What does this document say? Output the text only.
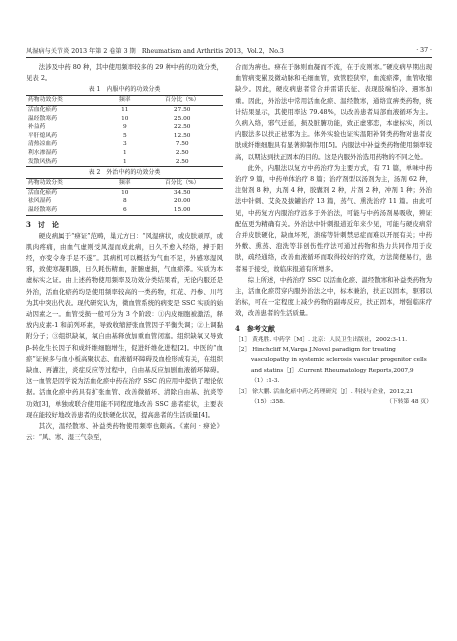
风湿病与关节炎 2013 年第 2 卷第 3 期　Rheumatism and Arthritis 2013，Vol.2，No.3	· 37 ·

法涉及中药 80 种，其中使用频率较多的 29 种中药的功效分类，见表 2。

表 1　内服中药的功效分类
药物功效分类	频率	百分比（%）
活血化瘀药	11	27.50
温经散寒药	10	25.00
补益药	9	22.50
平肝熄风药	5	12.50
清热凉血药	3	7.50
利水渗湿药	1	2.50
发散风热药	1	2.50
表 2　外治中药的功效分类
药物功效分类	频率	百分比（%）
活血化瘀药	10	34.50
祛风湿药	8	20.00
温经散寒药	6	15.00
3　讨　论

硬皮病属于“痹证”范畴，巢元方曰：“风湿痹状，或皮肤顽厚，或肌肉疼痛，由血气虚则受风湿而成此病，日久不愈入经络，搏于阳经，亦变令身手足不遂”。其病机可以概括为气血不足，外感寒湿风邪，致使寒凝肌腠，日久耗伤精血，脏腑虚损，气血瘀滞。实质为本虚标实之证。由上述药物使用频率及功效分类结果看，无论内服还是外治，活血化瘀药均是使用频率较高的一类药物，红花、丹参、川芎为其中突出代表。现代研究认为，微血管系统的病变是 SSC 实质的始动因素之一。血管受损一般可分为 3 个阶段：①内皮细胞被激活，释放内皮素-1 和前列环素，导致收缩舒张血管因子平衡失调；②上调黏附分子；③组织缺氧，氧自由基释放加重血管闭塞。组织缺氧又导致 β-转化生长因子和成纤维细胞增生，促进纤维化进程[2]。中医的“血瘀”证候多与血小板高聚状态、血液循环障碍及血栓形成有关，在组织缺血、再灌注，炎症反应等过程中，自由基反应加剧血液循环障碍。这一血管是因学说为活血化瘀中药在治疗 SSC 的应用中提供了理论依据。活血化瘀中药具有扩张血管、改善微循环、清除自由基、抗炎等功效[3]，单独或联合使用能不同程度地改善 SSC 患者症状，主要表现在能较好地改善患者的皮肤硬化状况，提高患者的生活质量[4]。

其次，温经散寒、补益类药物使用频率也颇高。《素问 · 痹论》云：“风、寒、湿三气杂至，

合而为痹也。痹在于脉则血凝而不流，在于皮则寒。”硬皮病早期出现血管病变累及微动脉和毛细血管，致管腔狭窄，血流瘀滞，血管收缩缺少。因此，硬皮病患者常合并雷诺氏征、表现肢端怕冷、遇寒加重。因此，外治法中常用活血化瘀、温经散寒，通络宣痹类药物，统计结果显示，其使用率达 79.48%，以改善患者局部血液循环为主。久病入络，邪气迁延，损及脏腑功能，致正虚邪恋，本虚标实，所以内服法多以扶正祛邪为主。体外实验也证实温阳补肾类药物对患者皮肤成纤维细胞具有显著抑制作用[5]。内服法中补益类药物使用频率较高，以期达到扶正固本的目的。这是内服外治选用药物的不同之处。

此外，内服法以复方中药治疗为主要方式，有 71 篇，单味中药治疗 9 篇，中药单体治疗 8 篇；治疗剂型以汤剂为主，汤剂 62 种，注射剂 8 种，丸剂 4 种，胶囊剂 2 种，片剂 2 种，冲剂 1 种；外治法中针刺、艾灸及拔罐治疗 13 篇，蒸气、熏洗治疗 11 篇。由此可见，中药复方内服治疗远多于外治法，可能与中药汤剂易吸收，辨证配伍更为精确有关。外治法中针刺报道近年来少见，可能与硬皮病常合并皮肤硬化，缺血坏死，溃疡等针刺禁忌症而难以开展有关；中药外敷、熏蒸、泡洗等非创伤性疗法可通过药物和热力共同作用于皮肤，疏经通络，改善血液循环而取得较好的疗效，方法简便易行，患者易于接受，故临床报道有所增多。

综上所述，中药治疗 SSC 以活血化瘀、温经散寒和补益类药物为主，活血化瘀贯穿内服外治法之中，标本兼治，扶正以固本，驱邪以治标，可在一定程度上减少药物的副毒反应，扶正固本，增强临床疗效，改善患者的生活质量。

4　参考文献

［1］ 黄兆胜. 中药学［M］. 北京：人民卫生出版社，2002:3-11.

［2］ Hinchcliff M,Varga J.Novel paradigm for treating vasculopathy in systemic sclerosis vascular progenitor cells and statins［J］.Current Rheumatology Reports,2007,9（1）:1-3.

［3］ 徐大鹏. 活血化瘀中药之药理研究［J］. 科技与企业，2012,21（15）:358.	（下转第 48 页）
